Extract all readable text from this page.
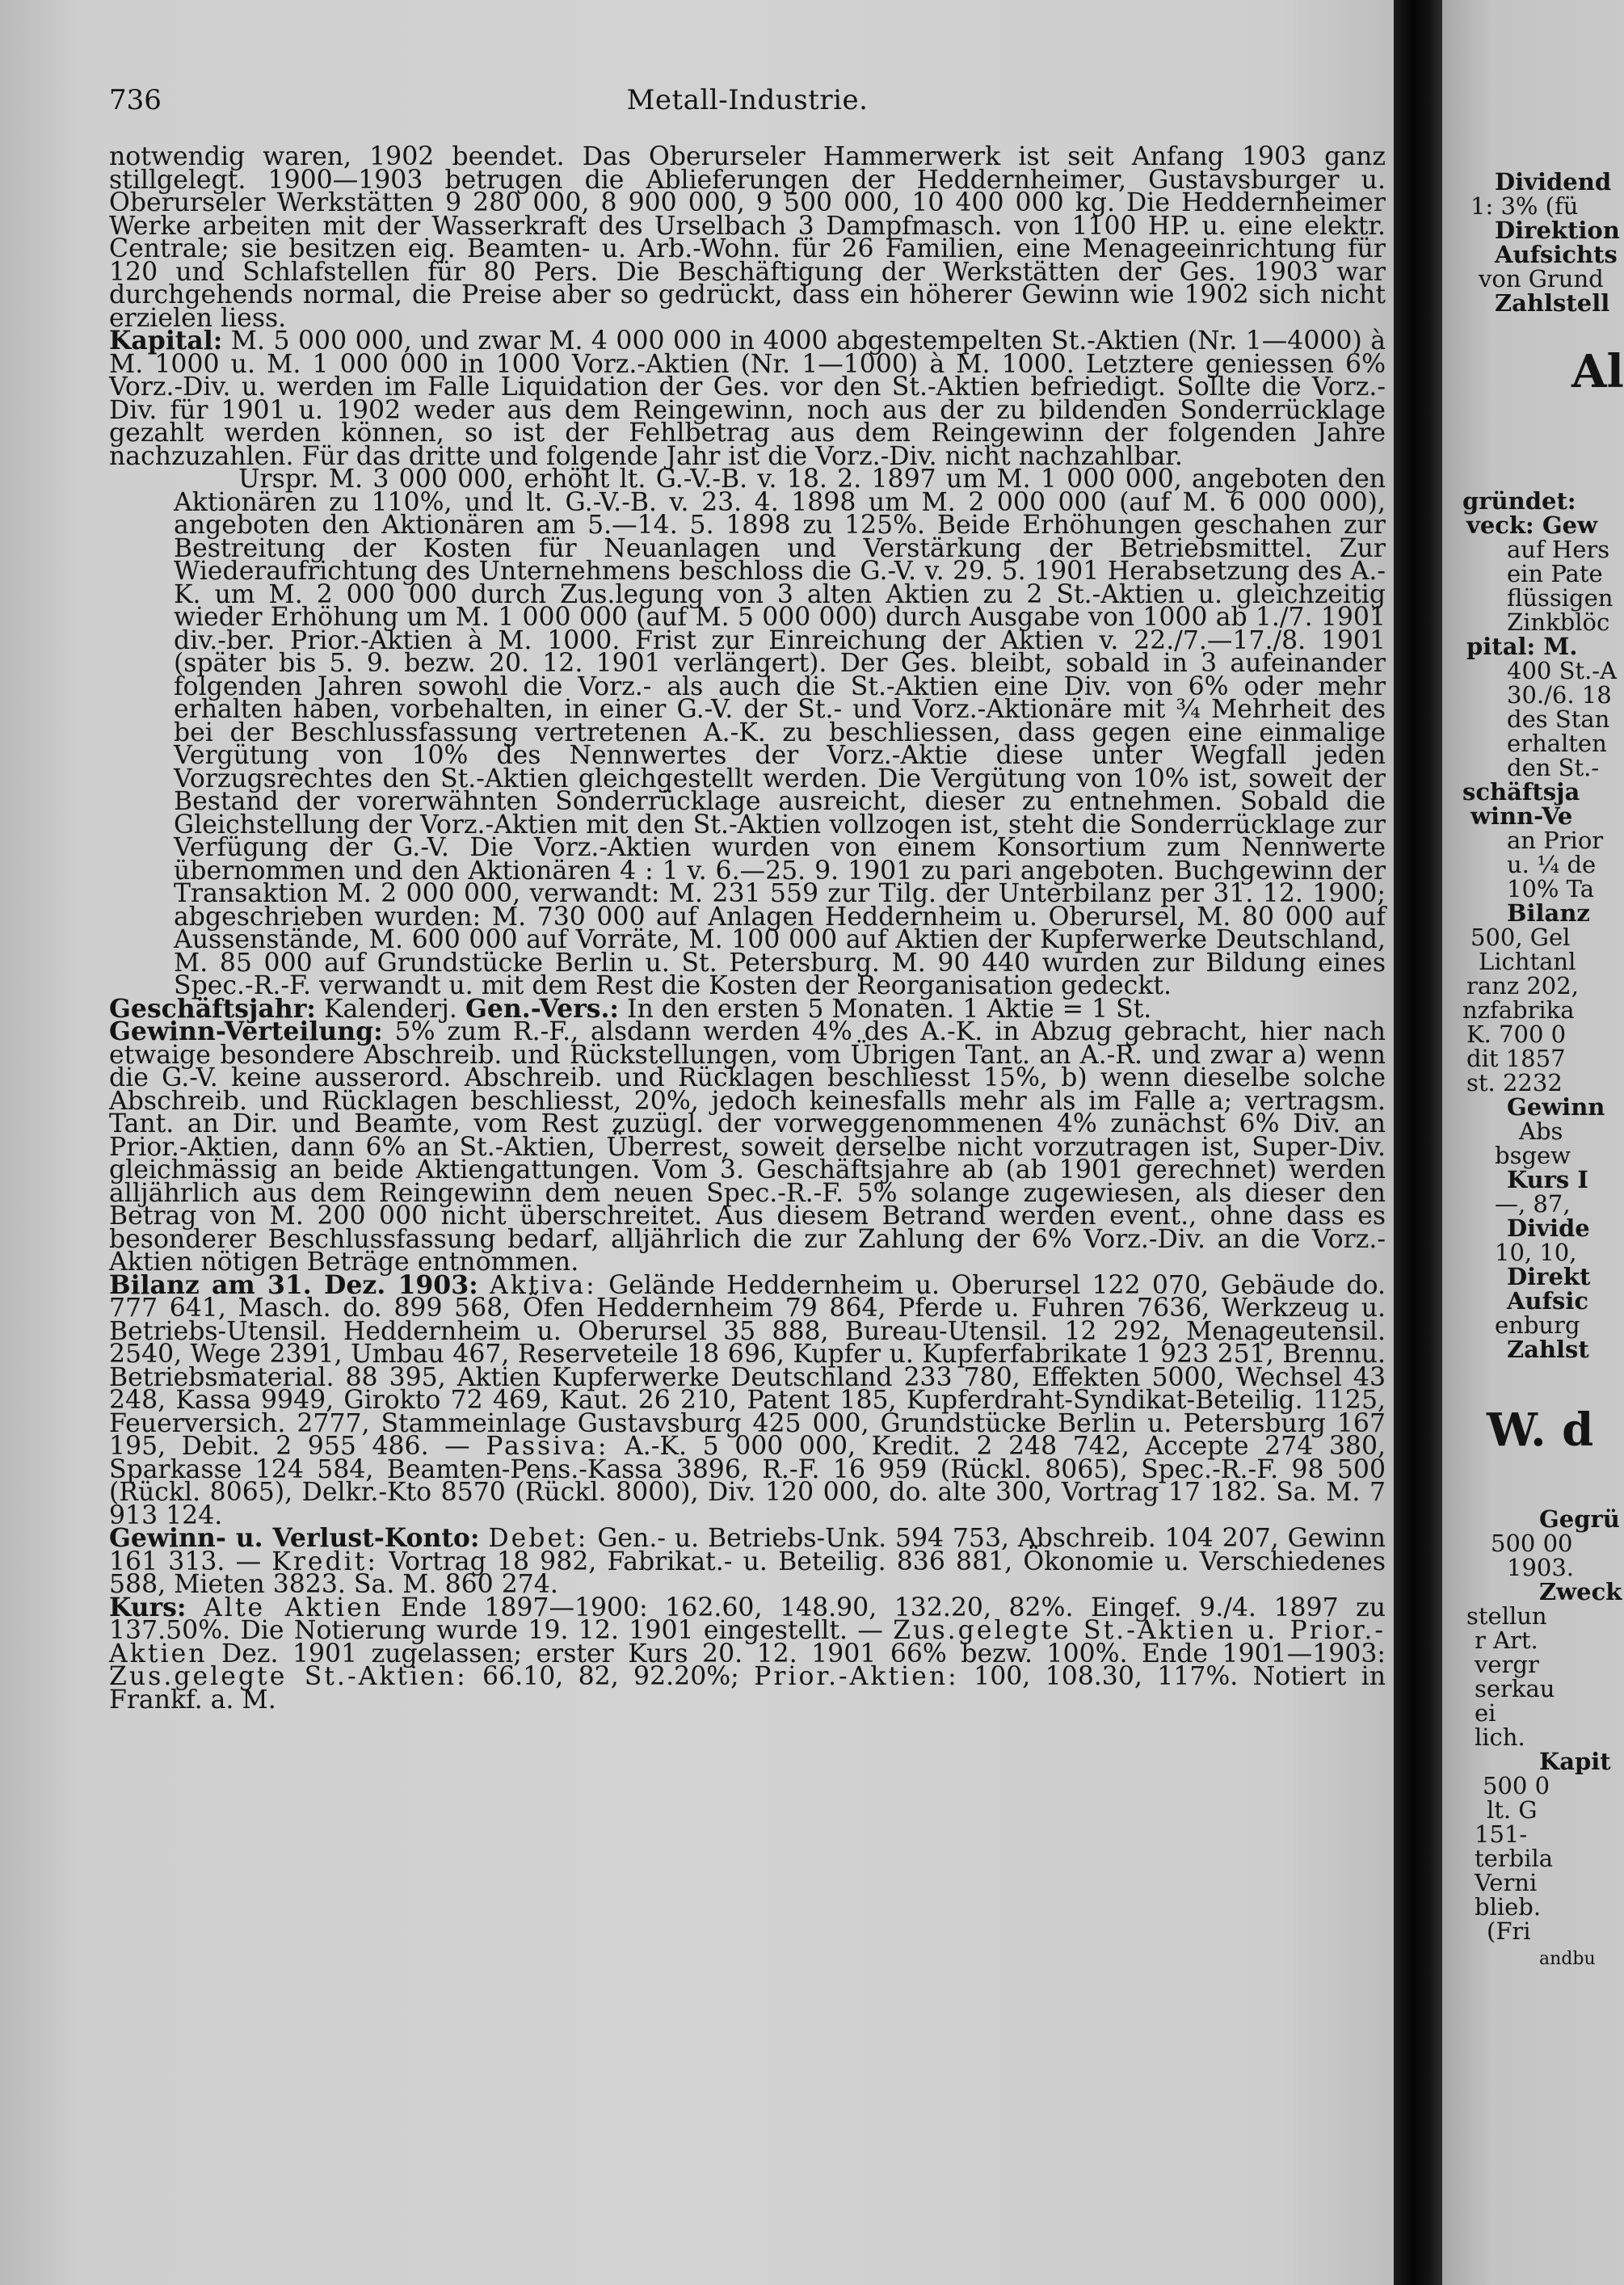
736	Metall-Industrie.

notwendig waren, 1902 beendet. Das Oberurseler Hammerwerk ist seit Anfang 1903 ganz stillgelegt. 1900—1903 betrugen die Ablieferungen der Heddernheimer, Gustavsburger u. Oberurseler Werkstätten 9 280 000, 8 900 000, 9 500 000, 10 400 000 kg. Die Heddernheimer Werke arbeiten mit der Wasserkraft des Urselbach 3 Dampfmasch. von 1100 HP. u. eine elektr. Centrale; sie besitzen eig. Beamten- u. Arb.-Wohn. für 26 Familien, eine Menageeinrichtung für 120 und Schlafstellen für 80 Pers. Die Beschäftigung der Werkstätten der Ges. 1903 war durchgehends normal, die Preise aber so gedrückt, dass ein höherer Gewinn wie 1902 sich nicht erzielen liess.

Kapital: M. 5 000 000, und zwar M. 4 000 000 in 4000 abgestempelten St.-Aktien (Nr. 1—4000) à M. 1000 u. M. 1 000 000 in 1000 Vorz.-Aktien (Nr. 1—1000) à M. 1000. Letztere geniessen 6% Vorz.-Div. u. werden im Falle Liquidation der Ges. vor den St.-Aktien befriedigt. Sollte die Vorz.-Div. für 1901 u. 1902 weder aus dem Reingewinn, noch aus der zu bildenden Sonderrücklage gezahlt werden können, so ist der Fehlbetrag aus dem Reingewinn der folgenden Jahre nachzuzahlen. Für das dritte und folgende Jahr ist die Vorz.-Div. nicht nachzahlbar.

Urspr. M. 3 000 000, erhöht lt. G.-V.-B. v. 18. 2. 1897 um M. 1 000 000, angeboten den Aktionären zu 110%, und lt. G.-V.-B. v. 23. 4. 1898 um M. 2 000 000 (auf M. 6 000 000), angeboten den Aktionären am 5.—14. 5. 1898 zu 125%. Beide Erhöhungen geschahen zur Bestreitung der Kosten für Neuanlagen und Verstärkung der Betriebsmittel. Zur Wiederaufrichtung des Unternehmens beschloss die G.-V. v. 29. 5. 1901 Herabsetzung des A.-K. um M. 2 000 000 durch Zus.legung von 3 alten Aktien zu 2 St.-Aktien u. gleichzeitig wieder Erhöhung um M. 1 000 000 (auf M. 5 000 000) durch Ausgabe von 1000 ab 1./7. 1901 div.-ber. Prior.-Aktien à M. 1000. Frist zur Einreichung der Aktien v. 22./7.—17./8. 1901 (später bis 5. 9. bezw. 20. 12. 1901 verlängert). Der Ges. bleibt, sobald in 3 aufeinander folgenden Jahren sowohl die Vorz.- als auch die St.-Aktien eine Div. von 6% oder mehr erhalten haben, vorbehalten, in einer G.-V. der St.- und Vorz.-Aktionäre mit ¾ Mehrheit des bei der Beschlussfassung vertretenen A.-K. zu beschliessen, dass gegen eine einmalige Vergütung von 10% des Nennwertes der Vorz.-Aktie diese unter Wegfall jeden Vorzugsrechtes den St.-Aktien gleichgestellt werden. Die Vergütung von 10% ist, soweit der Bestand der vorerwähnten Sonderrücklage ausreicht, dieser zu entnehmen. Sobald die Gleichstellung der Vorz.-Aktien mit den St.-Aktien vollzogen ist, steht die Sonderrücklage zur Verfügung der G.-V. Die Vorz.-Aktien wurden von einem Konsortium zum Nennwerte übernommen und den Aktionären 4 : 1 v. 6.—25. 9. 1901 zu pari angeboten. Buchgewinn der Transaktion M. 2 000 000, verwandt: M. 231 559 zur Tilg. der Unterbilanz per 31. 12. 1900; abgeschrieben wurden: M. 730 000 auf Anlagen Heddernheim u. Oberursel, M. 80 000 auf Aussenstände, M. 600 000 auf Vorräte, M. 100 000 auf Aktien der Kupferwerke Deutschland, M. 85 000 auf Grundstücke Berlin u. St. Petersburg. M. 90 440 wurden zur Bildung eines Spec.-R.-F. verwandt u. mit dem Rest die Kosten der Reorganisation gedeckt.

Geschäftsjahr: Kalenderj. Gen.-Vers.: In den ersten 5 Monaten. 1 Aktie = 1 St.

Gewinn-Verteilung: 5% zum R.-F., alsdann werden 4% des A.-K. in Abzug gebracht, hier nach etwaige besondere Abschreib. und Rückstellungen, vom Übrigen Tant. an A.-R. und zwar a) wenn die G.-V. keine ausserord. Abschreib. und Rücklagen beschliesst 15%, b) wenn dieselbe solche Abschreib. und Rücklagen beschliesst, 20%, jedoch keinesfalls mehr als im Falle a; vertragsm. Tant. an Dir. und Beamte, vom Rest zuzügl. der vorweggenommenen 4% zunächst 6% Div. an Prior.-Aktien, dann 6% an St.-Aktien, Überrest, soweit derselbe nicht vorzutragen ist, Super-Div. gleichmässig an beide Aktiengattungen. Vom 3. Geschäftsjahre ab (ab 1901 gerechnet) werden alljährlich aus dem Reingewinn dem neuen Spec.-R.-F. 5% solange zugewiesen, als dieser den Betrag von M. 200 000 nicht überschreitet. Aus diesem Betrand werden event., ohne dass es besonderer Beschlussfassung bedarf, alljährlich die zur Zahlung der 6% Vorz.-Div. an die Vorz.-Aktien nötigen Beträge entnommen.

Bilanz am 31. Dez. 1903: Aktiva: Gelände Heddernheim u. Oberursel 122 070, Gebäude do. 777 641, Masch. do. 899 568, Öfen Heddernheim 79 864, Pferde u. Fuhren 7636, Werkzeug u. Betriebs-Utensil. Heddernheim u. Oberursel 35 888, Bureau-Utensil. 12 292, Menageutensil. 2540, Wege 2391, Umbau 467, Reserveteile 18 696, Kupfer u. Kupferfabrikate 1 923 251, Brennu. Betriebsmaterial. 88 395, Aktien Kupferwerke Deutschland 233 780, Effekten 5000, Wechsel 43 248, Kassa 9949, Girokto 72 469, Kaut. 26 210, Patent 185, Kupferdraht-Syndikat-Beteilig. 1125, Feuerversich. 2777, Stammeinlage Gustavsburg 425 000, Grundstücke Berlin u. Petersburg 167 195, Debit. 2 955 486. — Passiva: A.-K. 5 000 000, Kredit. 2 248 742, Accepte 274 380, Sparkasse 124 584, Beamten-Pens.-Kassa 3896, R.-F. 16 959 (Rückl. 8065), Spec.-R.-F. 98 500 (Rückl. 8065), Delkr.-Kto 8570 (Rückl. 8000), Div. 120 000, do. alte 300, Vortrag 17 182. Sa. M. 7 913 124.

Gewinn- u. Verlust-Konto: Debet: Gen.- u. Betriebs-Unk. 594 753, Abschreib. 104 207, Gewinn 161 313. — Kredit: Vortrag 18 982, Fabrikat.- u. Beteilig. 836 881, Ökonomie u. Verschiedenes 588, Mieten 3823. Sa. M. 860 274.

Kurs: Alte Aktien Ende 1897—1900: 162.60, 148.90, 132.20, 82%. Eingef. 9./4. 1897 zu 137.50%. Die Notierung wurde 19. 12. 1901 eingestellt. — Zus.gelegte St.-Aktien u. Prior.-Aktien Dez. 1901 zugelassen; erster Kurs 20. 12. 1901 66% bezw. 100%. Ende 1901—1903: Zus.gelegte St.-Aktien: 66.10, 82, 92.20%; Prior.-Aktien: 100, 108.30, 117%. Notiert in Frankf. a. M.

Dividend
1: 3% (fü
Direktion
Aufsichts
von Grund
Zahlstell
Al
gründet:
veck: Gew
auf Hers
ein Pate
flüssigen
Zinkblöc
pital: M.
400 St.-A
30./6. 18
des Stan
erhalten
den St.-
schäftsja
winn-Ve
an Prior
u. ¼ de
10% Ta
Bilanz
500, Gel
Lichtanl
ranz 202,
nzfabrika
K. 700 0
dit 1857
st. 2232
Gewinn
Abs
bsgew
Kurs I
—, 87,
Divide
10, 10,
Direkt
Aufsic
enburg
Zahlst
W. d
Gegrü
500 00
1903.
Zweck
stellun
r Art.
vergr
serkau
ei
lich.
Kapit
500 0
lt. G
151-
terbila
Verni
blieb.
(Fri
andbu
